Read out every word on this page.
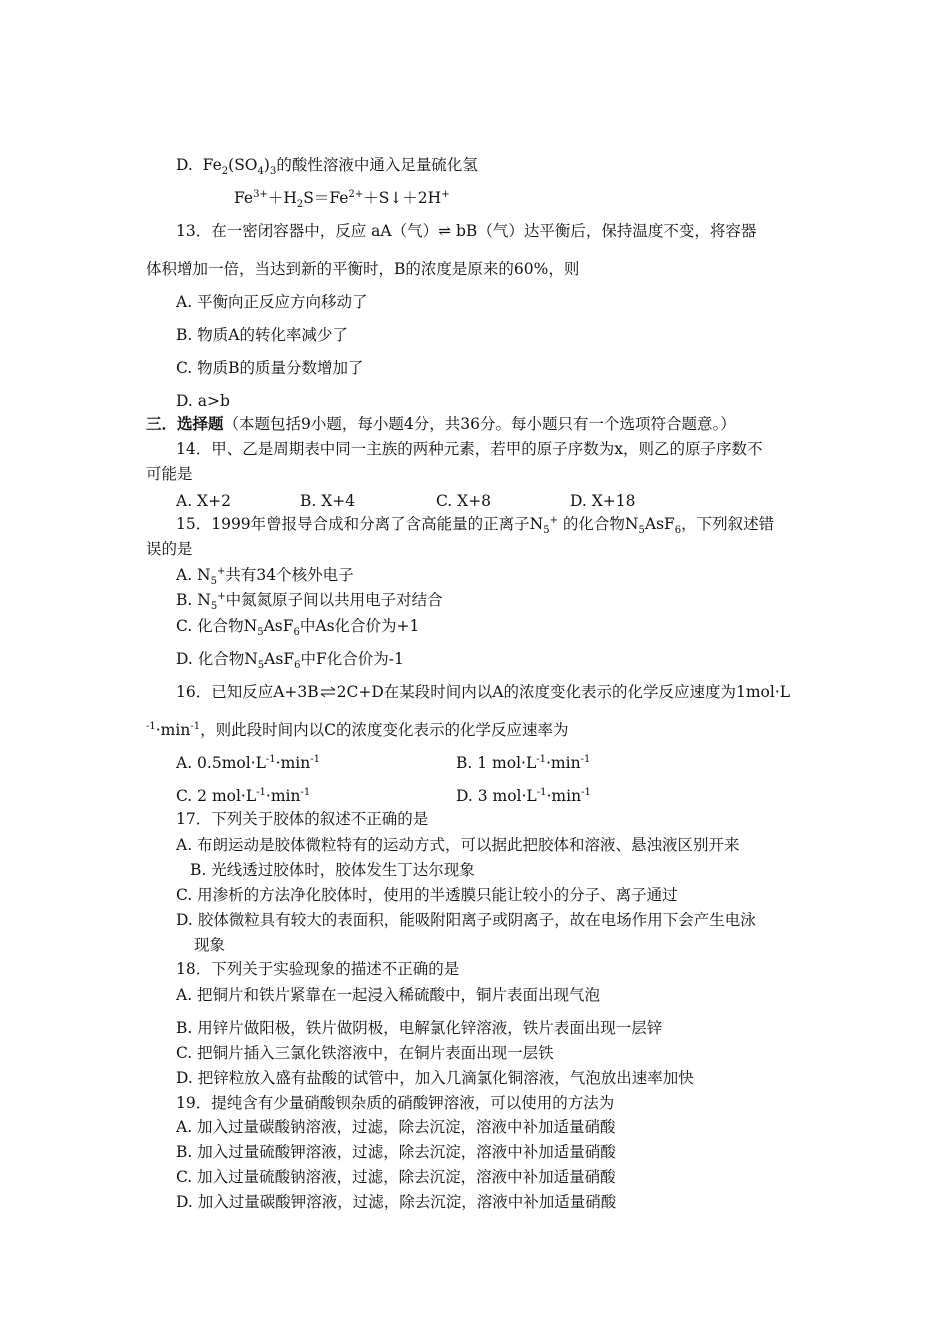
D. $Fe_2(SO_4)_3$的酸性溶液中通入足量硫化氢
$Fe^{3+}+H_2S=Fe^{2+}+S↓+2H^+$
13．在一密闭容器中，反应 aA（气）⇌ bB（气）达平衡后，保持温度不变，将容器
体积增加一倍，当达到新的平衡时，B的浓度是原来的60%，则
A. 平衡向正反应方向移动了
B. 物质A的转化率减少了
C. 物质B的质量分数增加了
D. a>b
三．选择题（本题包括9小题，每小题4分，共36分。每小题只有一个选项符合题意。）
14．甲、乙是周期表中同一主族的两种元素，若甲的原子序数为x，则乙的原子序数不
可能是
A. X+2	B. X+4	C. X+8	D. X+18
15．1999年曾报导合成和分离了含高能量的正离子$N_5^+$ 的化合物$N_5AsF_6$，下列叙述错
误的是
A. $N_5^+$共有34个核外电子
B. $N_5^+$中氮氮原子间以共用电子对结合
C. 化合物$N_5AsF_6$中As化合价为+1
D. 化合物$N_5AsF_6$中F化合价为-1
16．已知反应A+3B⇌2C+D在某段时间内以A的浓度变化表示的化学反应速度为1mol·L
$^{-1}\cdot\min^{-1}$，则此段时间内以C的浓度变化表示的化学反应速率为
A. $0.5mol\cdot L^{-1}\cdot\min^{-1}$	B. 1 $mol\cdot L^{-1}\cdot\min^{-1}$
C. 2 $mol\cdot L^{-1}\cdot\min^{-1}$	D. 3 $mol\cdot L^{-1}\cdot\min^{-1}$
17．下列关于胶体的叙述不正确的是
A. 布朗运动是胶体微粒特有的运动方式，可以据此把胶体和溶液、悬浊液区别开来
B. 光线透过胶体时，胶体发生丁达尔现象
C. 用渗析的方法净化胶体时，使用的半透膜只能让较小的分子、离子通过
D. 胶体微粒具有较大的表面积，能吸附阳离子或阴离子，故在电场作用下会产生电泳
现象
18．下列关于实验现象的描述不正确的是
A. 把铜片和铁片紧靠在一起浸入稀硫酸中，铜片表面出现气泡
B. 用锌片做阳极，铁片做阴极，电解氯化锌溶液，铁片表面出现一层锌
C. 把铜片插入三氯化铁溶液中，在铜片表面出现一层铁
D. 把锌粒放入盛有盐酸的试管中，加入几滴氯化铜溶液，气泡放出速率加快
19．提纯含有少量硝酸钡杂质的硝酸钾溶液，可以使用的方法为
A. 加入过量碳酸钠溶液，过滤，除去沉淀，溶液中补加适量硝酸
B. 加入过量硫酸钾溶液，过滤，除去沉淀，溶液中补加适量硝酸
C. 加入过量硫酸钠溶液，过滤，除去沉淀，溶液中补加适量硝酸
D. 加入过量碳酸钾溶液，过滤，除去沉淀，溶液中补加适量硝酸
